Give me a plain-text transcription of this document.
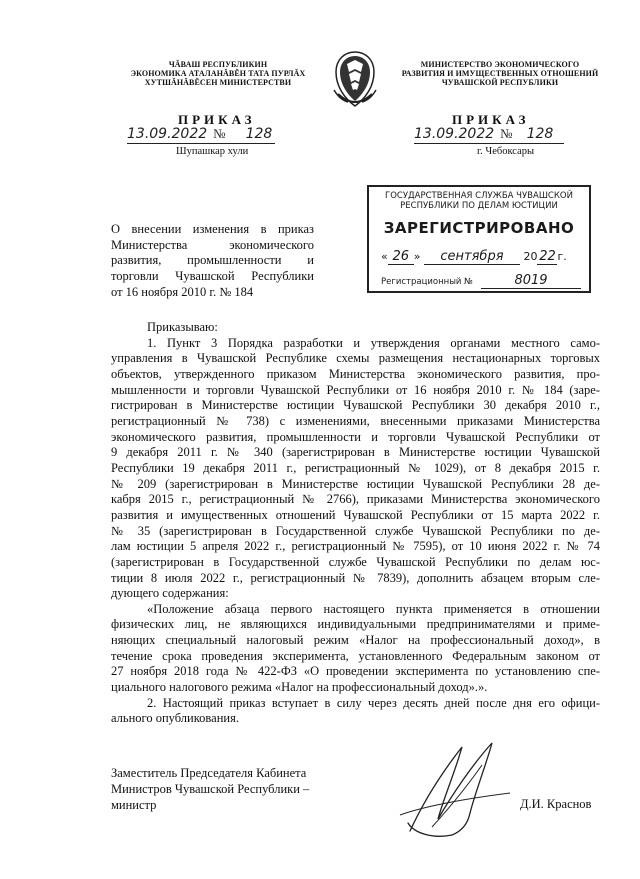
ЧĂВАШ РЕСПУБЛИКИН
ЭКОНОМИКА АТАЛАНĂВĔН ТАТА ПУРЛĂХ
ХУТШĂНĂВĔСЕН МИНИСТЕРСТВИ
МИНИСТЕРСТВО ЭКОНОМИЧЕСКОГО
РАЗВИТИЯ И ИМУЩЕСТВЕННЫХ ОТНОШЕНИЙ
ЧУВАШСКОЙ РЕСПУБЛИКИ
ПРИКАЗ	ПРИКАЗ
13.09.2022 № 128	13.09.2022 № 128
Шупашкар хули	г. Чебоксары
О внесении изменения в приказ
Министерства экономического
развития, промышленности и
торговли Чувашской Республики
от 16 ноября 2010 г. № 184
ГОСУДАРСТВЕННАЯ СЛУЖБА ЧУВАШСКОЙ
РЕСПУБЛИКИ ПО ДЕЛАМ ЮСТИЦИИ
ЗАРЕГИСТРИРОВАНО
« 26 » сентября 20 22 г.
Регистрационный №	8019
Приказываю:
1. Пункт 3 Порядка разработки и утверждения органами местного само-
управления в Чувашской Республике схемы размещения нестационарных торговых
объектов, утвержденного приказом Министерства экономического развития, про-
мышленности и торговли Чувашской Республики от 16 ноября 2010 г. № 184 (заре-
гистрирован в Министерстве юстиции Чувашской Республики 30 декабря 2010 г.,
регистрационный № 738) с изменениями, внесенными приказами Министерства
экономического развития, промышленности и торговли Чувашской Республики от
9 декабря 2011 г. № 340 (зарегистрирован в Министерстве юстиции Чувашской
Республики 19 декабря 2011 г., регистрационный № 1029), от 8 декабря 2015 г.
№ 209 (зарегистрирован в Министерстве юстиции Чувашской Республики 28 де-
кабря 2015 г., регистрационный № 2766), приказами Министерства экономического
развития и имущественных отношений Чувашской Республики от 15 марта 2022 г.
№ 35 (зарегистрирован в Государственной службе Чувашской Республики по де-
лам юстиции 5 апреля 2022 г., регистрационный № 7595), от 10 июня 2022 г. № 74
(зарегистрирован в Государственной службе Чувашской Республики по делам юс-
тиции 8 июля 2022 г., регистрационный № 7839), дополнить абзацем вторым сле-
дующего содержания:
«Положение абзаца первого настоящего пункта применяется в отношении
физических лиц, не являющихся индивидуальными предпринимателями и приме-
няющих специальный налоговый режим «Налог на профессиональный доход», в
течение срока проведения эксперимента, установленного Федеральным законом от
27 ноября 2018 года № 422-ФЗ «О проведении эксперимента по установлению спе-
циального налогового режима «Налог на профессиональный доход».».
2. Настоящий приказ вступает в силу через десять дней после дня его офици-
ального опубликования.
Заместитель Председателя Кабинета
Министров Чувашской Республики –
министр	Д.И. Краснов
